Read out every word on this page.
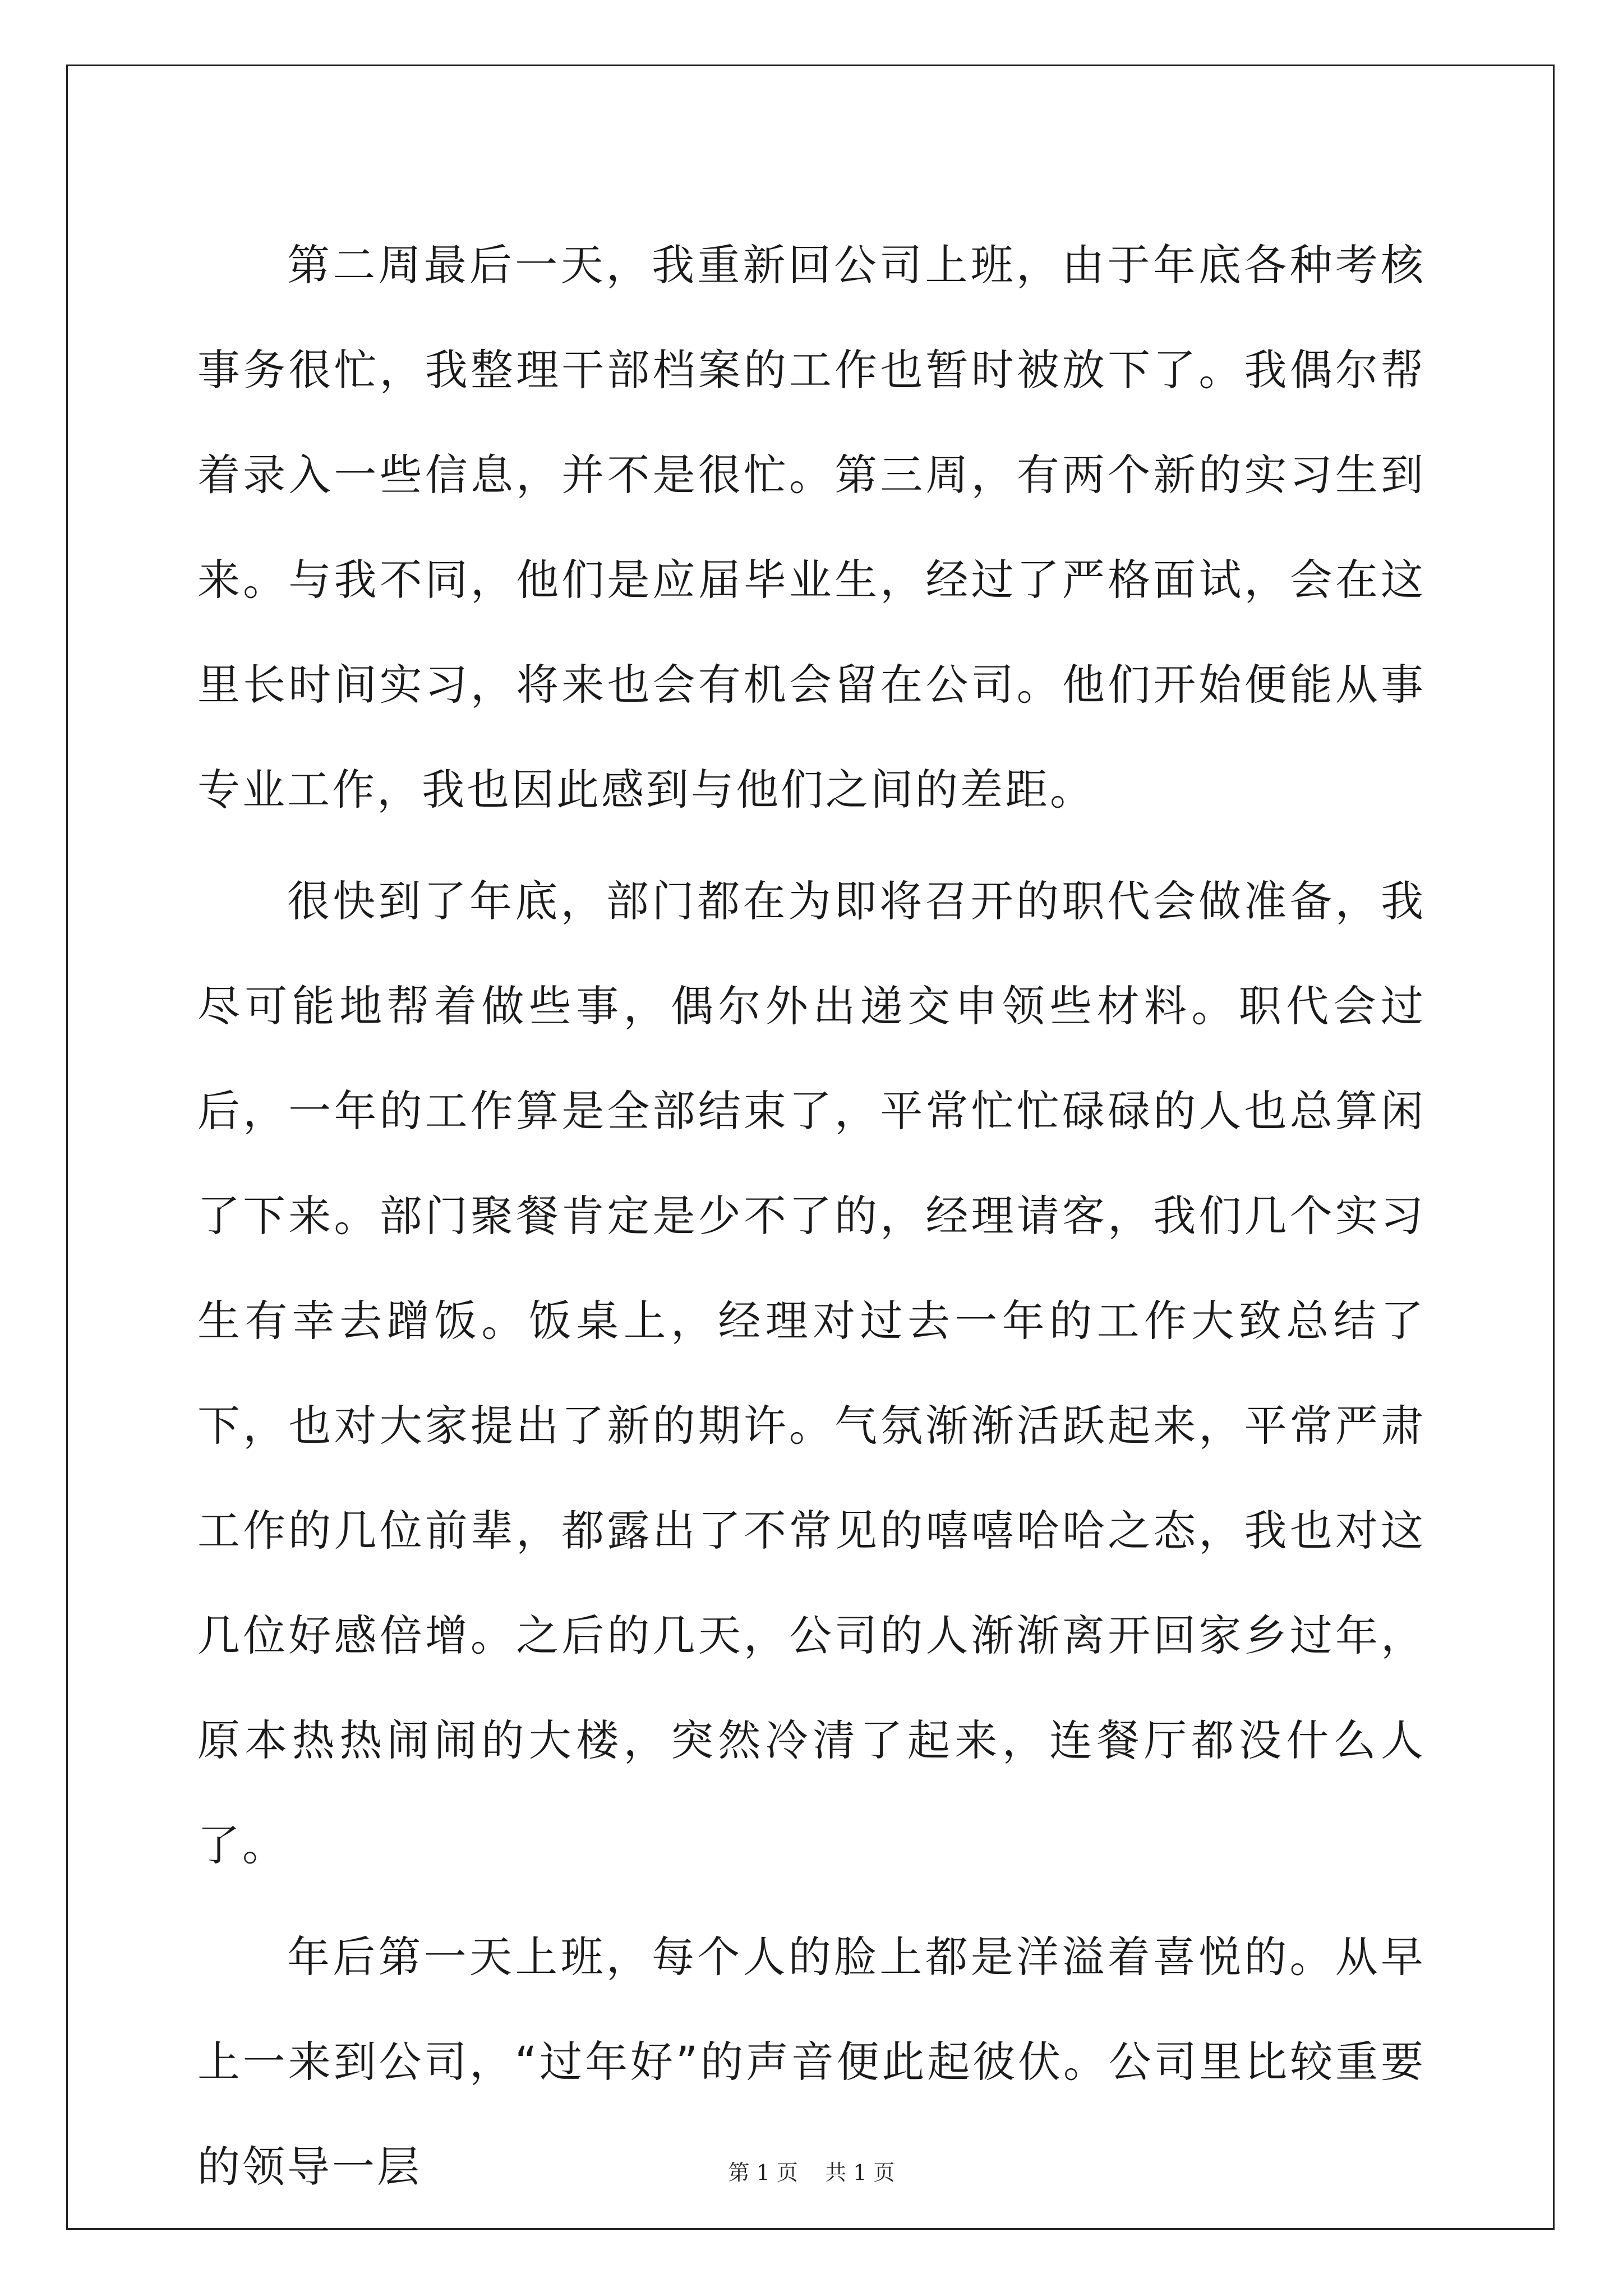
第二周最后一天，我重新回公司上班，由于年底各种考核事务很忙，我整理干部档案的工作也暂时被放下了。我偶尔帮着录入一些信息，并不是很忙。第三周，有两个新的实习生到来。与我不同，他们是应届毕业生，经过了严格面试，会在这里长时间实习，将来也会有机会留在公司。他们开始便能从事专业工作，我也因此感到与他们之间的差距。

很快到了年底，部门都在为即将召开的职代会做准备，我尽可能地帮着做些事，偶尔外出递交申领些材料。职代会过后，一年的工作算是全部结束了，平常忙忙碌碌的人也总算闲了下来。部门聚餐肯定是少不了的，经理请客，我们几个实习生有幸去蹭饭。饭桌上，经理对过去一年的工作大致总结了下，也对大家提出了新的期许。气氛渐渐活跃起来，平常严肃工作的几位前辈，都露出了不常见的嘻嘻哈哈之态，我也对这几位好感倍增。之后的几天，公司的人渐渐离开回家乡过年，原本热热闹闹的大楼，突然冷清了起来，连餐厅都没什么人了。

年后第一天上班，每个人的脸上都是洋溢着喜悦的。从早上一来到公司，“过年好”的声音便此起彼伏。公司里比较重要的领导一层	第 1 页    共 1 页
